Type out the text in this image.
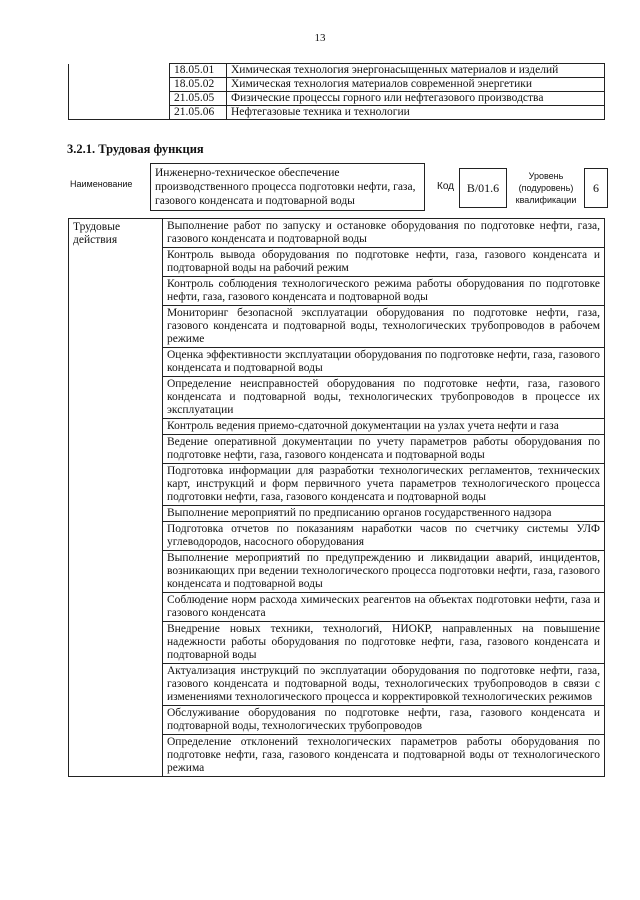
13
	18.05.01	Химическая технология энергонасыщенных материалов и изделий
	18.05.02	Химическая технология материалов современной энергетики
	21.05.05	Физические процессы горного или нефтегазового производства
	21.05.06	Нефтегазовые техника и технологии
3.2.1. Трудовая функция
Наименование
Инженерно-техническое обеспечение производственного процесса подготовки нефти, газа, газового конденсата и подтоварной воды
Код	B/01.6
Уровень (подуровень) квалификации
6
Трудовые действия	
Выполнение работ по запуску и остановке оборудования по подготовке нефти, газа, газового конденсата и подтоварной воды
Контроль вывода оборудования по подготовке нефти, газа, газового конденсата и подтоварной воды на рабочий режим
Контроль соблюдения технологического режима работы оборудования по подготовке нефти, газа, газового конденсата и подтоварной воды
Мониторинг безопасной эксплуатации оборудования по подготовке нефти, газа, газового конденсата и подтоварной воды, технологических трубопроводов в рабочем режиме
Оценка эффективности эксплуатации оборудования по подготовке нефти, газа, газового конденсата и подтоварной воды
Определение неисправностей оборудования по подготовке нефти, газа, газового конденсата и подтоварной воды, технологических трубопроводов в процессе их эксплуатации
Контроль ведения приемо-сдаточной документации на узлах учета нефти и газа
Ведение оперативной документации по учету параметров работы оборудования по подготовке нефти, газа, газового конденсата и подтоварной воды
Подготовка информации для разработки технологических регламентов, технических карт, инструкций и форм первичного учета параметров технологического процесса подготовки нефти, газа, газового конденсата и подтоварной воды
Выполнение мероприятий по предписанию органов государственного надзора
Подготовка отчетов по показаниям наработки часов по счетчику системы УЛФ углеводородов, насосного оборудования
Выполнение мероприятий по предупреждению и ликвидации аварий, инцидентов, возникающих при ведении технологического процесса подготовки нефти, газа, газового конденсата и подтоварной воды
Соблюдение норм расхода химических реагентов на объектах подготовки нефти, газа и газового конденсата
Внедрение новых техники, технологий, НИОКР, направленных на повышение надежности работы оборудования по подготовке нефти, газа, газового конденсата и подтоварной воды
Актуализация инструкций по эксплуатации оборудования по подготовке нефти, газа, газового конденсата и подтоварной воды, технологических трубопроводов в связи с изменениями технологического процесса и корректировкой технологических режимов
Обслуживание оборудования по подготовке нефти, газа, газового конденсата и подтоварной воды, технологических трубопроводов
Определение отклонений технологических параметров работы оборудования по подготовке нефти, газа, газового конденсата и подтоварной воды от технологического режима
